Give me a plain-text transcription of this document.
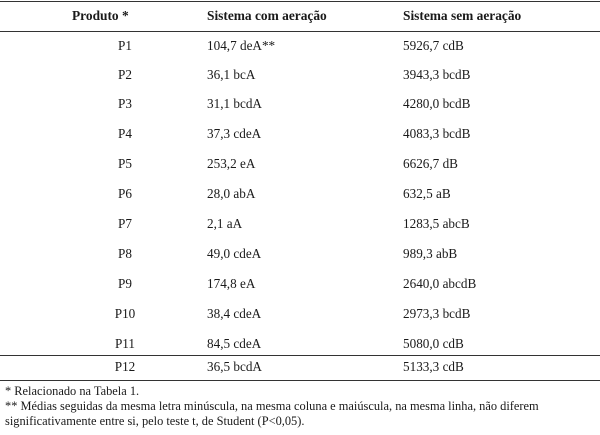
Produto *	Sistema com aeração	Sistema sem aeração
P1	104,7 deA**	5926,7 cdB
P2	36,1 bcA	3943,3 bcdB
P3	31,1 bcdA	4280,0 bcdB
P4	37,3 cdeA	4083,3 bcdB
P5	253,2 eA	6626,7 dB
P6	28,0 abA	632,5 aB
P7	2,1 aA	1283,5 abcB
P8	49,0 cdeA	989,3 abB
P9	174,8 eA	2640,0 abcdB
P10	38,4 cdeA	2973,3 bcdB
P11	84,5 cdeA	5080,0 cdB
P12	36,5 bcdA	5133,3 cdB
* Relacionado na Tabela 1.
** Médias seguidas da mesma letra minúscula, na mesma coluna e maiúscula, na mesma linha, não diferem
significativamente entre si, pelo teste t, de Student (P<0,05).
